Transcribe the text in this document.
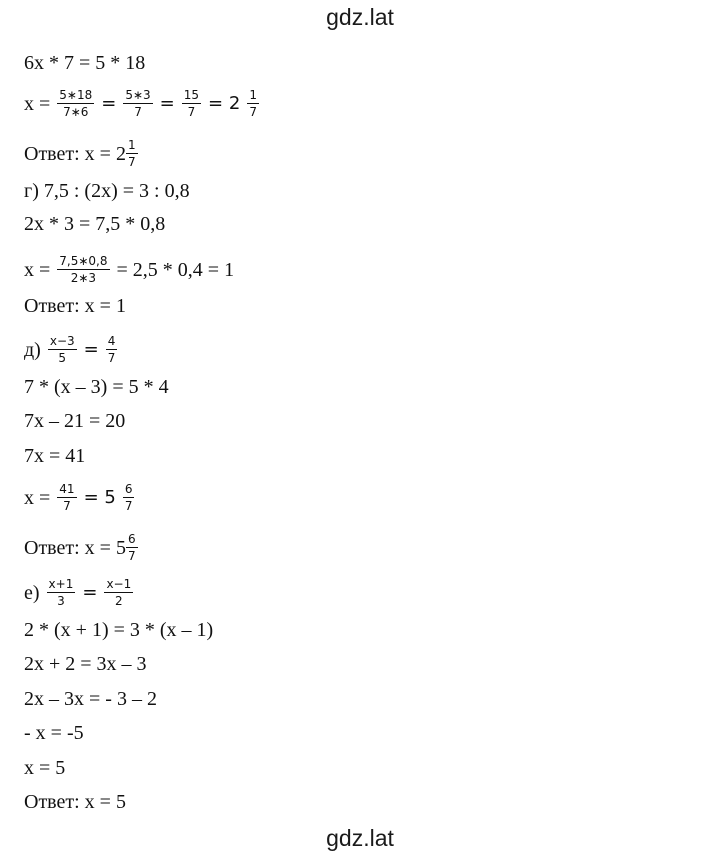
gdz.lat
6x * 7 = 5 * 18
$x = \frac{5∗18}{7∗6} = \frac{5∗3}{7} = \frac{15}{7} = 2 \frac{1}{7}$
Ответ: $x = 2 \frac{1}{7}$
г) 7,5 : (2x) = 3 : 0,8
2x * 3 = 7,5 * 0,8
$x = \frac{7,5∗0,8}{2∗3} = 2,5 * 0,4 = 1$
Ответ: x = 1
$д) \frac{x-3}{5} = \frac{4}{7}$
7 * (x – 3) = 5 * 4
7x – 21 = 20
7x = 41
$x = \frac{41}{7} = 5 \frac{6}{7}$
Ответ: $x = 5 \frac{6}{7}$
$е) \frac{x+1}{3} = \frac{x-1}{2}$
2 * (x + 1) = 3 * (x – 1)
2x + 2 = 3x – 3
2x – 3x = - 3 – 2
- x = -5
x = 5
Ответ: x = 5
gdz.lat
